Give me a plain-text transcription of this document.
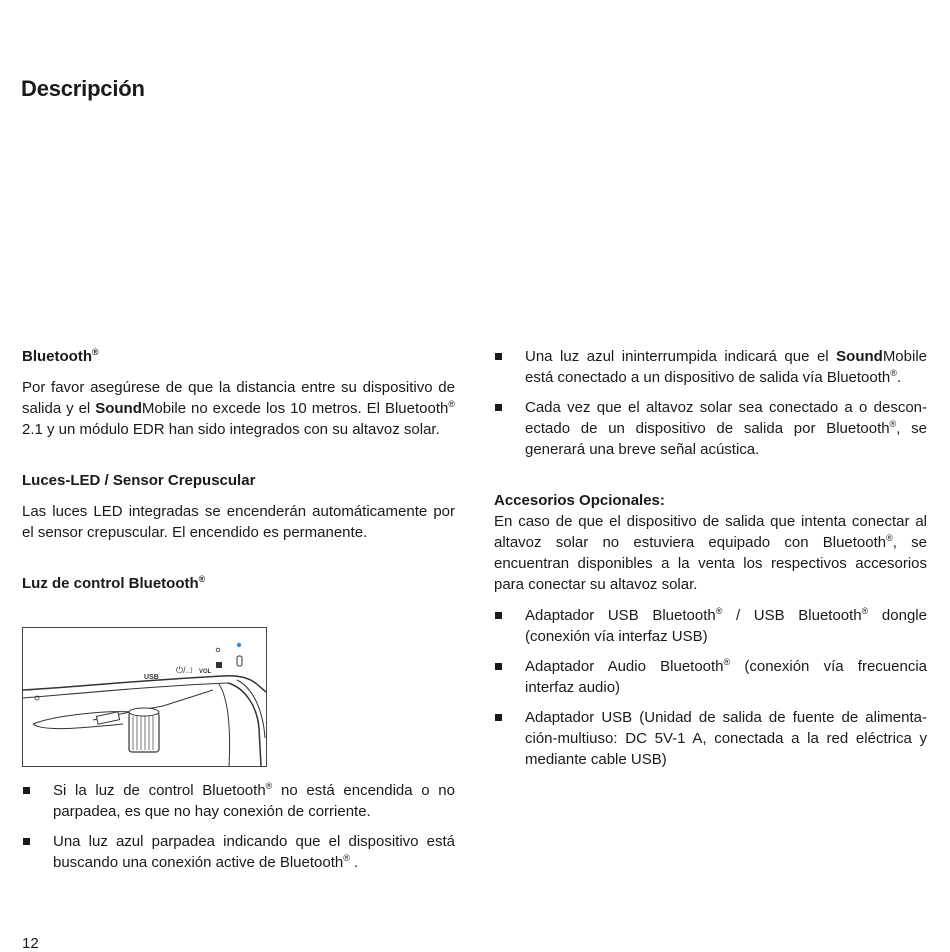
Descripción

Bluetooth®

Por favor asegúrese de que la distancia entre su dispositivo de salida y el SoundMobile no excede los 10 metros. El Bluetooth® 2.1 y un módulo EDR han sido integrados con su altavoz solar.

Luces-LED / Sensor Crepuscular

Las luces LED integradas se encenderán automáticamente por el sensor crepuscular. El encendido es permanente.

Luz de control Bluetooth®

USB
⏻/◿ VOL
Si la luz de control Bluetooth® no está encendida o no parpadea, es que no hay conexión de corriente.
Una luz azul parpadea indicando que el dispositivo está buscando una conexión active de Bluetooth® .
Una luz azul ininterrumpida indicará que el SoundMobile está conectado a un dispositivo de salida vía Bluetooth®.
Cada vez que el altavoz solar sea conectado a o desconectado de un dispositivo de salida por Bluetooth®, se generará una breve señal acústica.

Accesorios Opcionales:

En caso de que el dispositivo de salida que intenta conectar al altavoz solar no estuviera equipado con Bluetooth®, se encuentran disponibles a la venta los respectivos accesorios para conectar su altavoz solar.

Adaptador USB Bluetooth® / USB Bluetooth® dongle (conexión vía interfaz USB)
Adaptador Audio Bluetooth® (conexión vía frecuencia interfaz audio)
Adaptador USB (Unidad de salida de fuente de alimentación-multiuso: DC 5V-1 A, conectada a la red eléctrica y mediante cable USB)
12
